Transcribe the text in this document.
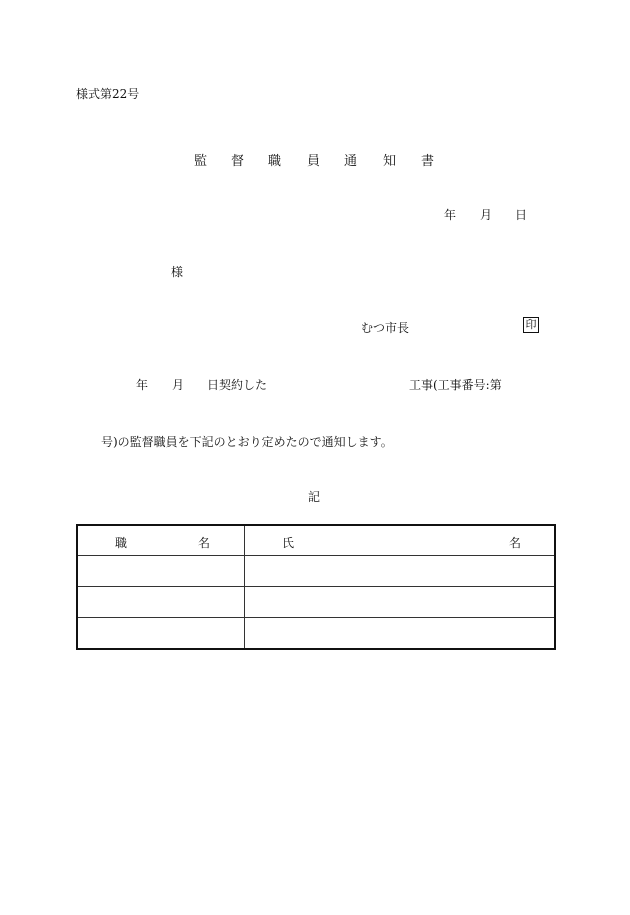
様式第22号
監 督 職 員 通 知 書
年 月 日
様
むつ市長	印
年 月 日契約した	工事(工事番号:第
号)の監督職員を下記のとおり定めたので通知します。
記
職 名	氏 名
